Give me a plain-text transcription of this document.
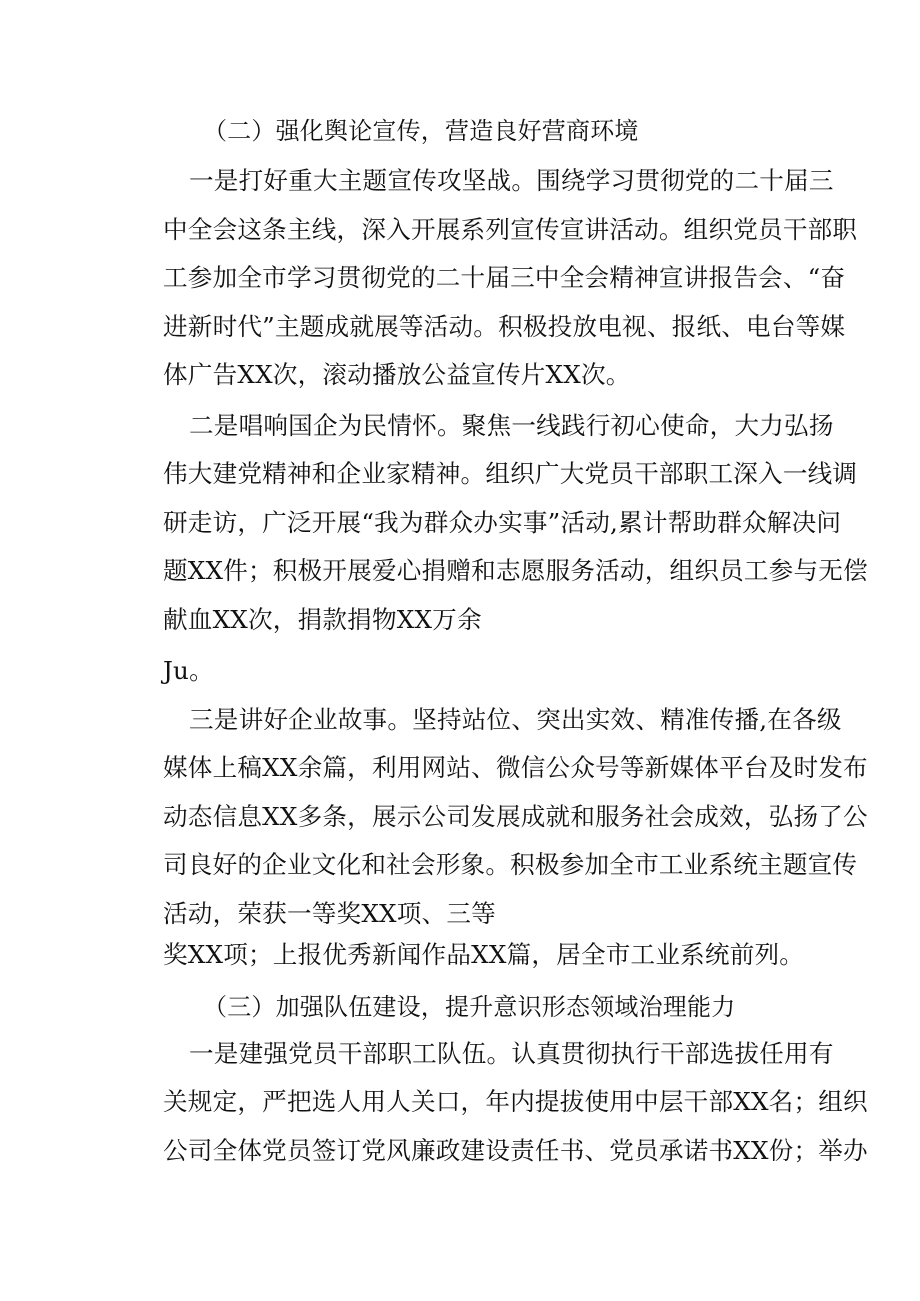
（二）强化舆论宣传，营造良好营商环境
一是打好重大主题宣传攻坚战。围绕学习贯彻党的二十届三
中全会这条主线，深入开展系列宣传宣讲活动。组织党员干部职
工参加全市学习贯彻党的二十届三中全会精神宣讲报告会、“奋
进新时代”主题成就展等活动。积极投放电视、报纸、电台等媒
体广告XX次，滚动播放公益宣传片XX次。
二是唱响国企为民情怀。聚焦一线践行初心使命，大力弘扬
伟大建党精神和企业家精神。组织广大党员干部职工深入一线调
研走访，广泛开展“我为群众办实事”活动,累计帮助群众解决问
题XX件；积极开展爱心捐赠和志愿服务活动，组织员工参与无偿
献血XX次，捐款捐物XX万余
Ju。
三是讲好企业故事。坚持站位、突出实效、精准传播,在各级
媒体上稿XX余篇，利用网站、微信公众号等新媒体平台及时发布
动态信息XX多条，展示公司发展成就和服务社会成效，弘扬了公
司良好的企业文化和社会形象。积极参加全市工业系统主题宣传
活动，荣获一等奖XX项、三等
奖XX项；上报优秀新闻作品XX篇，居全市工业系统前列。
（三）加强队伍建设，提升意识形态领域治理能力
一是建强党员干部职工队伍。认真贯彻执行干部选拔任用有
关规定，严把选人用人关口，年内提拔使用中层干部XX名；组织
公司全体党员签订党风廉政建设责任书、党员承诺书XX份；举办
